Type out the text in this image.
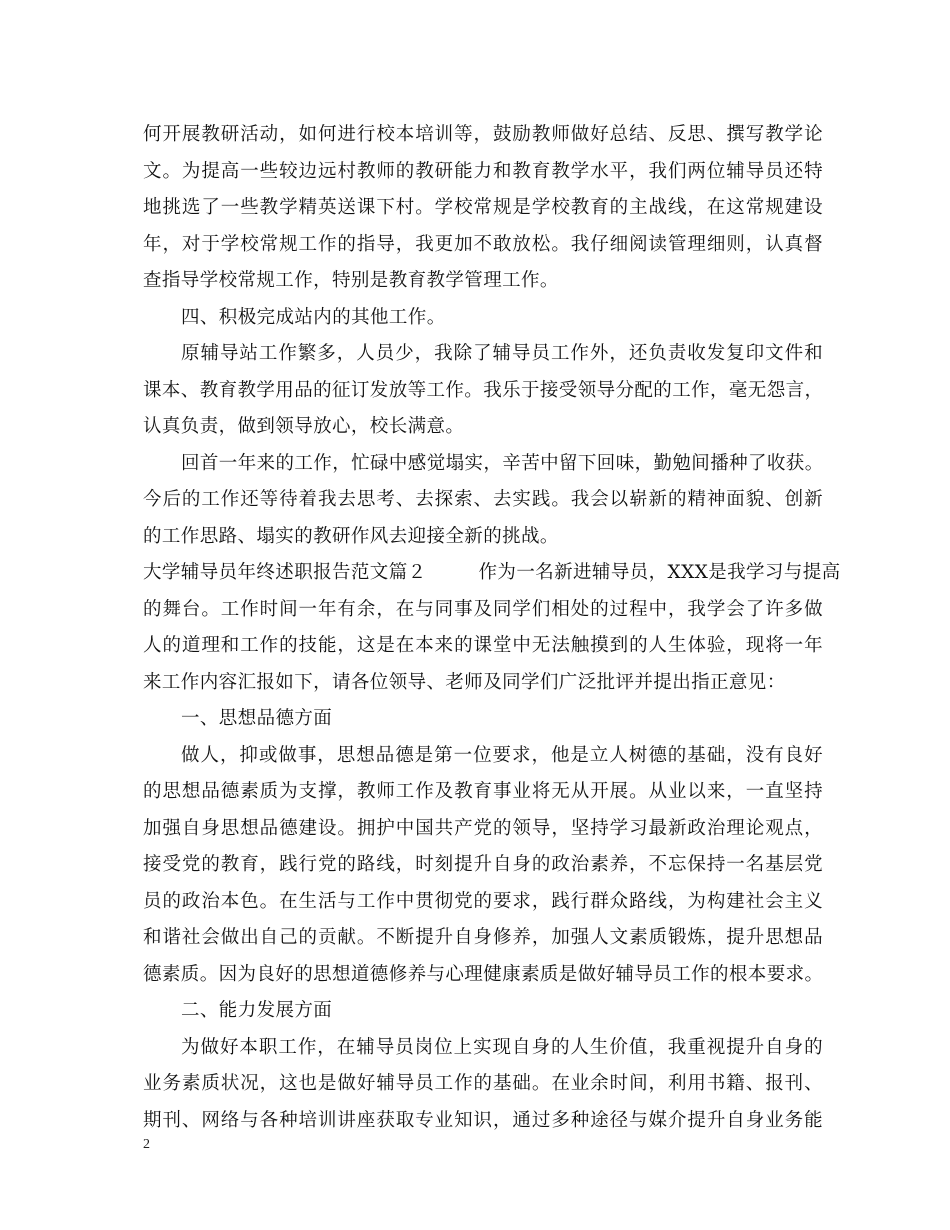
何开展教研活动，如何进行校本培训等，鼓励教师做好总结、反思、撰写教学论
文。为提高一些较边远村教师的教研能力和教育教学水平，我们两位辅导员还特
地挑选了一些教学精英送课下村。学校常规是学校教育的主战线，在这常规建设
年，对于学校常规工作的指导，我更加不敢放松。我仔细阅读管理细则，认真督
查指导学校常规工作，特别是教育教学管理工作。
四、积极完成站内的其他工作。
原辅导站工作繁多，人员少，我除了辅导员工作外，还负责收发复印文件和
课本、教育教学用品的征订发放等工作。我乐于接受领导分配的工作，毫无怨言，
认真负责，做到领导放心，校长满意。
回首一年来的工作，忙碌中感觉塌实，辛苦中留下回味，勤勉间播种了收获。
今后的工作还等待着我去思考、去探索、去实践。我会以崭新的精神面貌、创新
的工作思路、塌实的教研作风去迎接全新的挑战。
大学辅导员年终述职报告范文篇２	作为一名新进辅导员，XXX是我学习与提高
的舞台。工作时间一年有余，在与同事及同学们相处的过程中，我学会了许多做
人的道理和工作的技能，这是在本来的课堂中无法触摸到的人生体验，现将一年
来工作内容汇报如下，请各位领导、老师及同学们广泛批评并提出指正意见：
一、思想品德方面
做人，抑或做事，思想品德是第一位要求，他是立人树德的基础，没有良好
的思想品德素质为支撑，教师工作及教育事业将无从开展。从业以来，一直坚持
加强自身思想品德建设。拥护中国共产党的领导，坚持学习最新政治理论观点，
接受党的教育，践行党的路线，时刻提升自身的政治素养，不忘保持一名基层党
员的政治本色。在生活与工作中贯彻党的要求，践行群众路线，为构建社会主义
和谐社会做出自己的贡献。不断提升自身修养，加强人文素质锻炼，提升思想品
德素质。因为良好的思想道德修养与心理健康素质是做好辅导员工作的根本要求。
二、能力发展方面
为做好本职工作，在辅导员岗位上实现自身的人生价值，我重视提升自身的
业务素质状况，这也是做好辅导员工作的基础。在业余时间，利用书籍、报刊、
期刊、网络与各种培训讲座获取专业知识，通过多种途径与媒介提升自身业务能
2
